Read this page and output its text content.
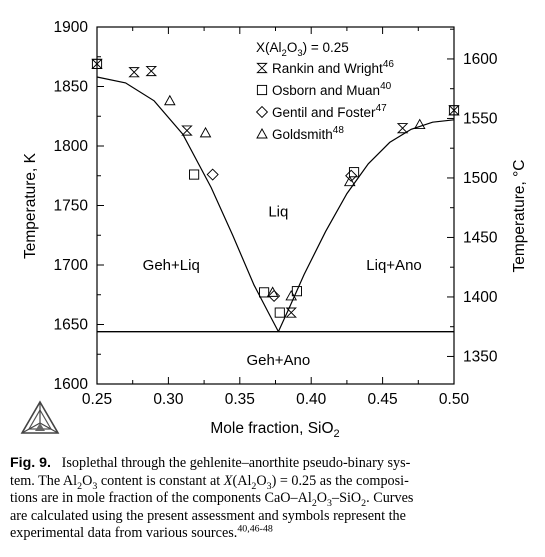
0.25	0.30	0.35	0.40	0.45	0.50
1600
1650
1700
1750
1800
1850
1900
1350
1400
1450
1500
1550
1600
Liq
Geh+Liq	Liq+Ano
Geh+Ano
$X(Al_2O_3) = 0.25$
Rankin and Wright$^{46}$
Osborn and Muan$^{40}$
Gentil and Foster$^{47}$
Goldsmith$^{48}$
Mole fraction, SiO$_2$
Temperature, K	Temperature, °C
Fig. 9. Isoplethal through the gehlenite–anorthite pseudo-binary sys-
tem. The $Al_2O_3$ content is constant at $X(Al_2O_3) = 0.25$ as the composi-
tions are in mole fraction of the components CaO–$Al_2O_3-SiO_2$. Curves
are calculated using the present assessment and symbols represent the
experimental data from various sources.$^{40,46-48}$
